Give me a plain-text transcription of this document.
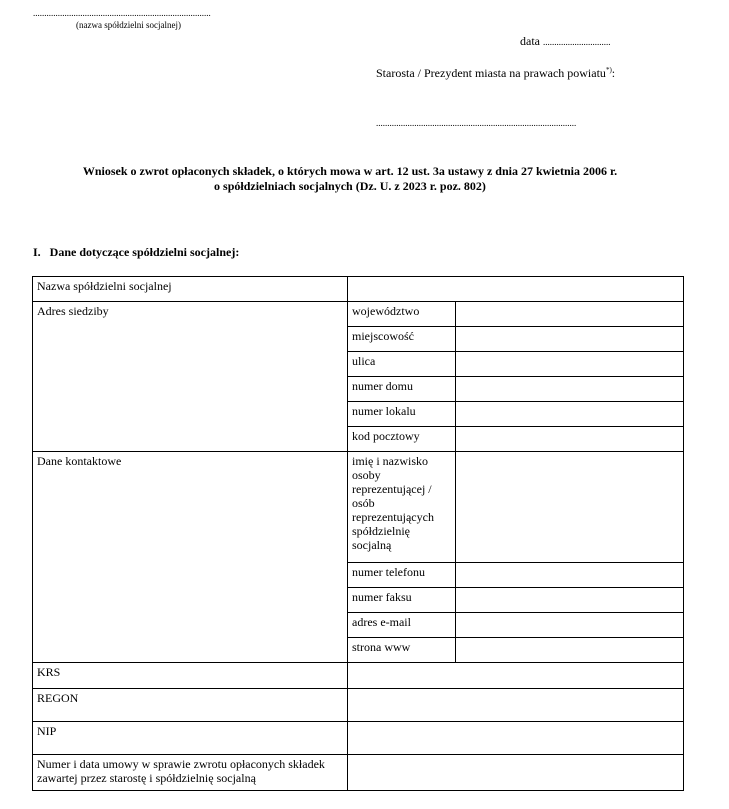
...............................................................................
(nazwa spółdzielni socjalnej)
data ..............................
Starosta / Prezydent miasta na prawach powiatu*):
.........................................................................................
Wniosek o zwrot opłaconych składek, o których mowa w art. 12 ust. 3a ustawy z dnia 27 kwietnia 2006 r.
o spółdzielniach socjalnych (Dz. U. z 2023 r. poz. 802)
I.   Dane dotyczące spółdzielni socjalnej:
Nazwa spółdzielni socjalnej		
Adres siedziby	województwo	
	miejscowość	
	ulica	
	numer domu	
	numer lokalu	
	kod pocztowy	
Dane kontaktowe	imię i nazwisko osoby reprezentującej / osób reprezentujących spółdzielnię socjalną	
	numer telefonu	
	numer faksu	
	adres e-mail	
	strona www	
KRS		
REGON		
NIP		
Numer i data umowy w sprawie zwrotu opłaconych składek zawartej przez starostę i spółdzielnię socjalną		
